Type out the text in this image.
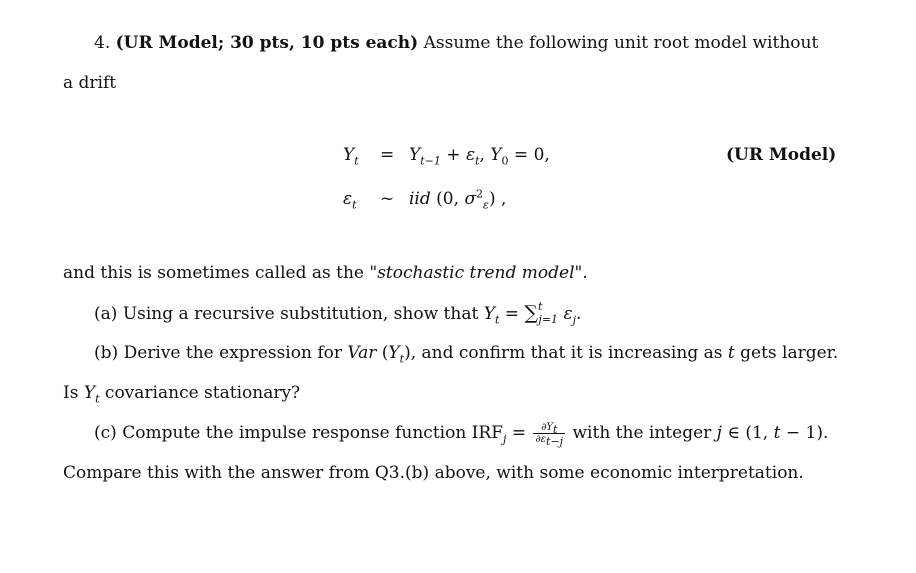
4. (UR Model; 30 pts, 10 pts each) Assume the following unit root model without
a drift
$Y_t = Y_{t-1} + \varepsilon_t$, $Y_0 = 0$,	(UR Model)
$\varepsilon_t$ ~ iid (0, $\sigma^2_\varepsilon$) ,
and this is sometimes called as the "stochastic trend model".
(a) Using a recursive substitution, show that $Y_t = \sum^t_{j=1}$ $\varepsilon_j$.
(b) Derive the expression for Var $(Y_t)$, and confirm that it is increasing as t gets larger.
Is $Y_t$ covariance stationary?
(c) Compute the impulse response function $IRF_j = \frac{\partial Y_t}{\partial\varepsilon_{t-j}}$ with the integer j ∈ (1, t − 1).
Compare this with the answer from Q3.(b) above, with some economic interpretation.
